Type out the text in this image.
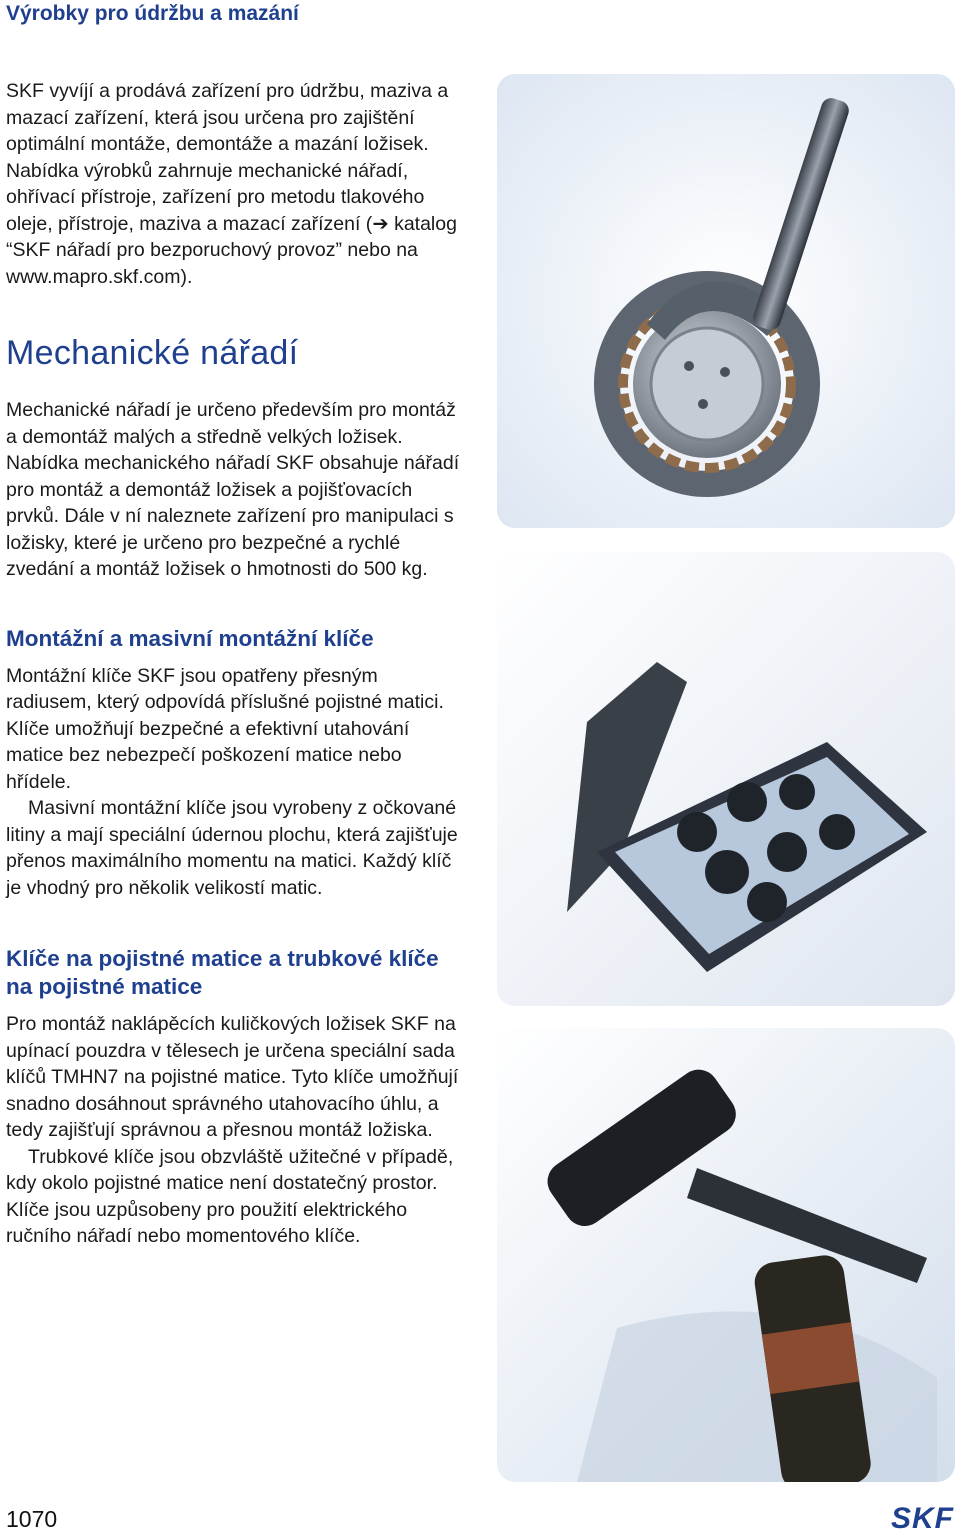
Výrobky pro údržbu a mazání

SKF vyvíjí a prodává zařízení pro údržbu, maziva a mazací zařízení, která jsou určena pro zajištění optimální montáže, demontáže a mazání ložisek. Nabídka výrobků zahrnuje mechanické nářadí, ohřívací přístroje, zařízení pro metodu tlakového oleje, přístroje, maziva a mazací zařízení (➔ katalog “SKF nářadí pro bezporuchový provoz” nebo na www.mapro.skf.com).

Mechanické nářadí

Mechanické nářadí je určeno především pro montáž a demontáž malých a středně velkých ložisek. Nabídka mechanického nářadí SKF obsahuje nářadí pro montáž a demontáž ložisek a pojišťovacích prvků. Dále v ní naleznete zařízení pro manipulaci s ložisky, které je určeno pro bezpečné a rychlé zvedání a montáž ložisek o hmotnosti do 500 kg.

Montážní a masivní montážní klíče

Montážní klíče SKF jsou opatřeny přesným radiusem, který odpovídá příslušné pojistné matici. Klíče umožňují bezpečné a efektivní utahování matice bez nebezpečí poškození matice nebo hřídele.

Masivní montážní klíče jsou vyrobeny z očkované litiny a mají speciální údernou plochu, která zajišťuje přenos maximálního momentu na matici. Každý klíč je vhodný pro několik velikostí matic.

Klíče na pojistné matice a trubkové klíče na pojistné matice

Pro montáž naklápěcích kuličkových ložisek SKF na upínací pouzdra v tělesech je určena speciální sada klíčů TMHN7 na pojistné matice. Tyto klíče umožňují snadno dosáhnout správného utahovacího úhlu, a tedy zajišťují správnou a přesnou montáž ložiska.

Trubkové klíče jsou obzvláště užitečné v případě, kdy okolo pojistné matice není dostatečný prostor. Klíče jsou uzpůsobeny pro použití elektrického ručního nářadí nebo momentového klíče.

1070	SKF
